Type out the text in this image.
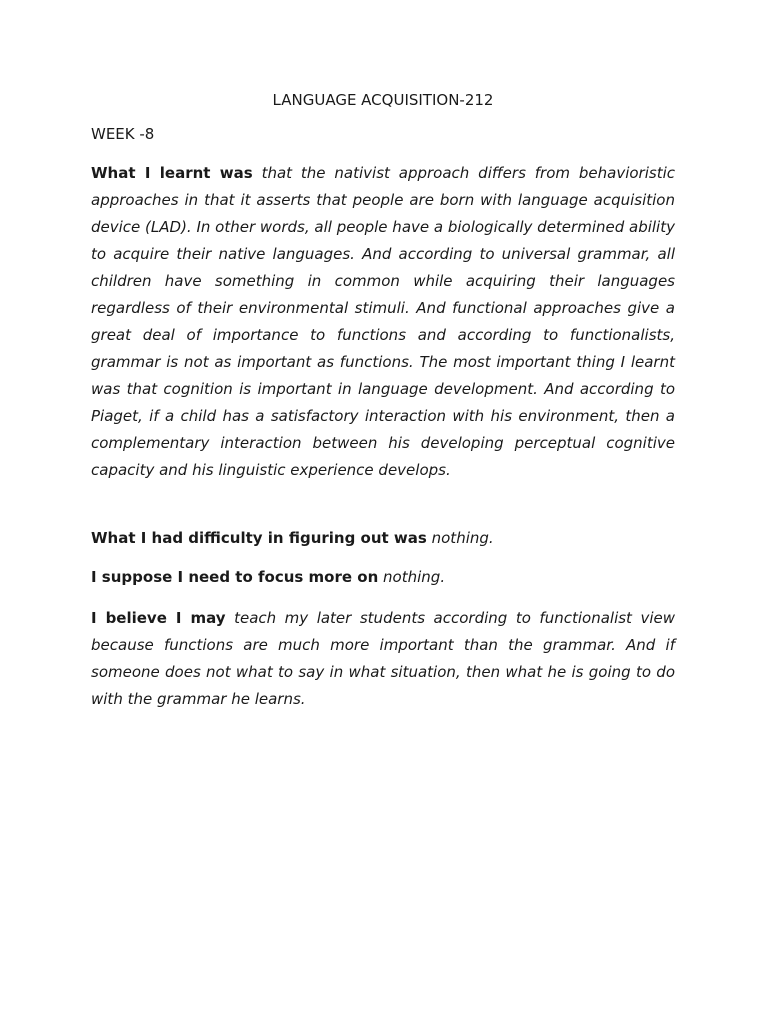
LANGUAGE ACQUISITION-212

WEEK -8

What I learnt was that the nativist approach differs from behavioristic approaches in that it asserts that people are born with language acquisition device (LAD). In other words, all people have a biologically determined ability to acquire their native languages. And according to universal grammar, all children have something in common while acquiring their languages regardless of their environmental stimuli. And functional approaches give a great deal of importance to functions and according to functionalists, grammar is not as important as functions. The most important thing I learnt was that cognition is important in language development. And according to Piaget, if a child has a satisfactory interaction with his environment, then a complementary interaction between his developing perceptual cognitive capacity and his linguistic experience develops.

What I had difficulty in figuring out was nothing.

I suppose I need to focus more on nothing.

I believe I may teach my later students according to functionalist view because functions are much more important than the grammar. And if someone does not what to say in what situation, then what he is going to do with the grammar he learns.
